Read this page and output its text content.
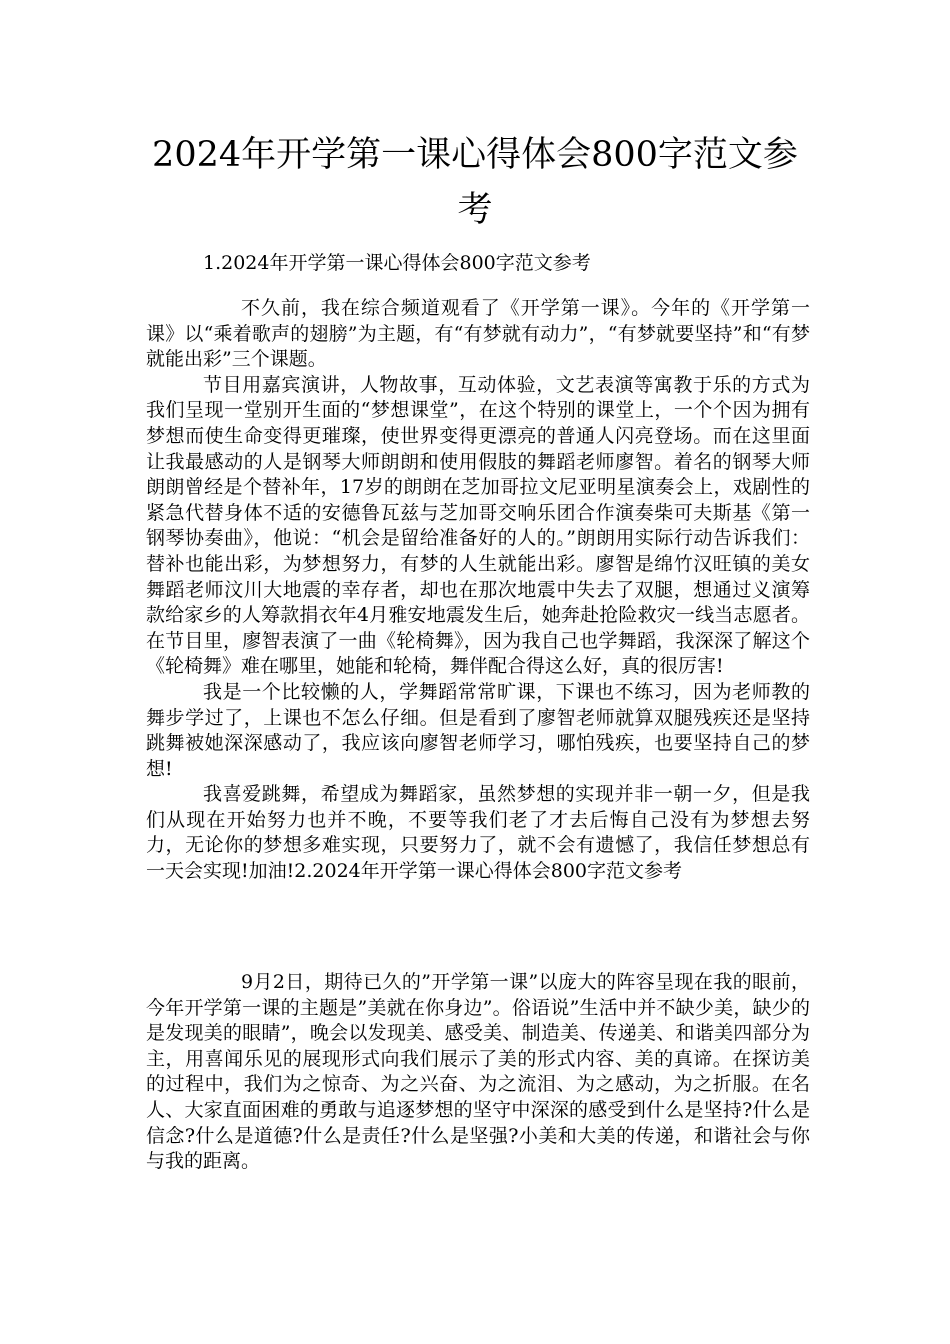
2024年开学第一课心得体会800字范文参
考
1.2024年开学第一课心得体会800字范文参考

不久前，我在综合频道观看了《开学第一课》。今年的《开学第一课》以“乘着歌声的翅膀”为主题，有“有梦就有动力”，“有梦就要坚持”和“有梦就能出彩”三个课题。

节目用嘉宾演讲，人物故事，互动体验，文艺表演等寓教于乐的方式为我们呈现一堂别开生面的“梦想课堂”，在这个特别的课堂上，一个个因为拥有梦想而使生命变得更璀璨，使世界变得更漂亮的普通人闪亮登场。而在这里面让我最感动的人是钢琴大师朗朗和使用假肢的舞蹈老师廖智。着名的钢琴大师朗朗曾经是个替补年，17岁的朗朗在芝加哥拉文尼亚明星演奏会上，戏剧性的紧急代替身体不适的安德鲁瓦兹与芝加哥交响乐团合作演奏柴可夫斯基《第一钢琴协奏曲》，他说：“机会是留给准备好的人的。”朗朗用实际行动告诉我们：替补也能出彩，为梦想努力，有梦的人生就能出彩。廖智是绵竹汉旺镇的美女舞蹈老师汶川大地震的幸存者，却也在那次地震中失去了双腿，想通过义演筹款给家乡的人筹款捐衣年4月雅安地震发生后，她奔赴抢险救灾一线当志愿者。在节目里，廖智表演了一曲《轮椅舞》，因为我自己也学舞蹈，我深深了解这个《轮椅舞》难在哪里，她能和轮椅，舞伴配合得这么好，真的很厉害!

我是一个比较懒的人，学舞蹈常常旷课，下课也不练习，因为老师教的舞步学过了，上课也不怎么仔细。但是看到了廖智老师就算双腿残疾还是坚持跳舞被她深深感动了，我应该向廖智老师学习，哪怕残疾，也要坚持自己的梦想!

我喜爱跳舞，希望成为舞蹈家，虽然梦想的实现并非一朝一夕，但是我们从现在开始努力也并不晚，不要等我们老了才去后悔自己没有为梦想去努力，无论你的梦想多难实现，只要努力了，就不会有遗憾了，我信任梦想总有一天会实现!加油!2.2024年开学第一课心得体会800字范文参考

9月2日，期待已久的”开学第一课”以庞大的阵容呈现在我的眼前，今年开学第一课的主题是”美就在你身边”。俗语说”生活中并不缺少美，缺少的是发现美的眼睛”，晚会以发现美、感受美、制造美、传递美、和谐美四部分为主，用喜闻乐见的展现形式向我们展示了美的形式内容、美的真谛。在探访美的过程中，我们为之惊奇、为之兴奋、为之流泪、为之感动，为之折服。在名人、大家直面困难的勇敢与追逐梦想的坚守中深深的感受到什么是坚持?什么是信念?什么是道德?什么是责任?什么是坚强?小美和大美的传递，和谐社会与你与我的距离。
